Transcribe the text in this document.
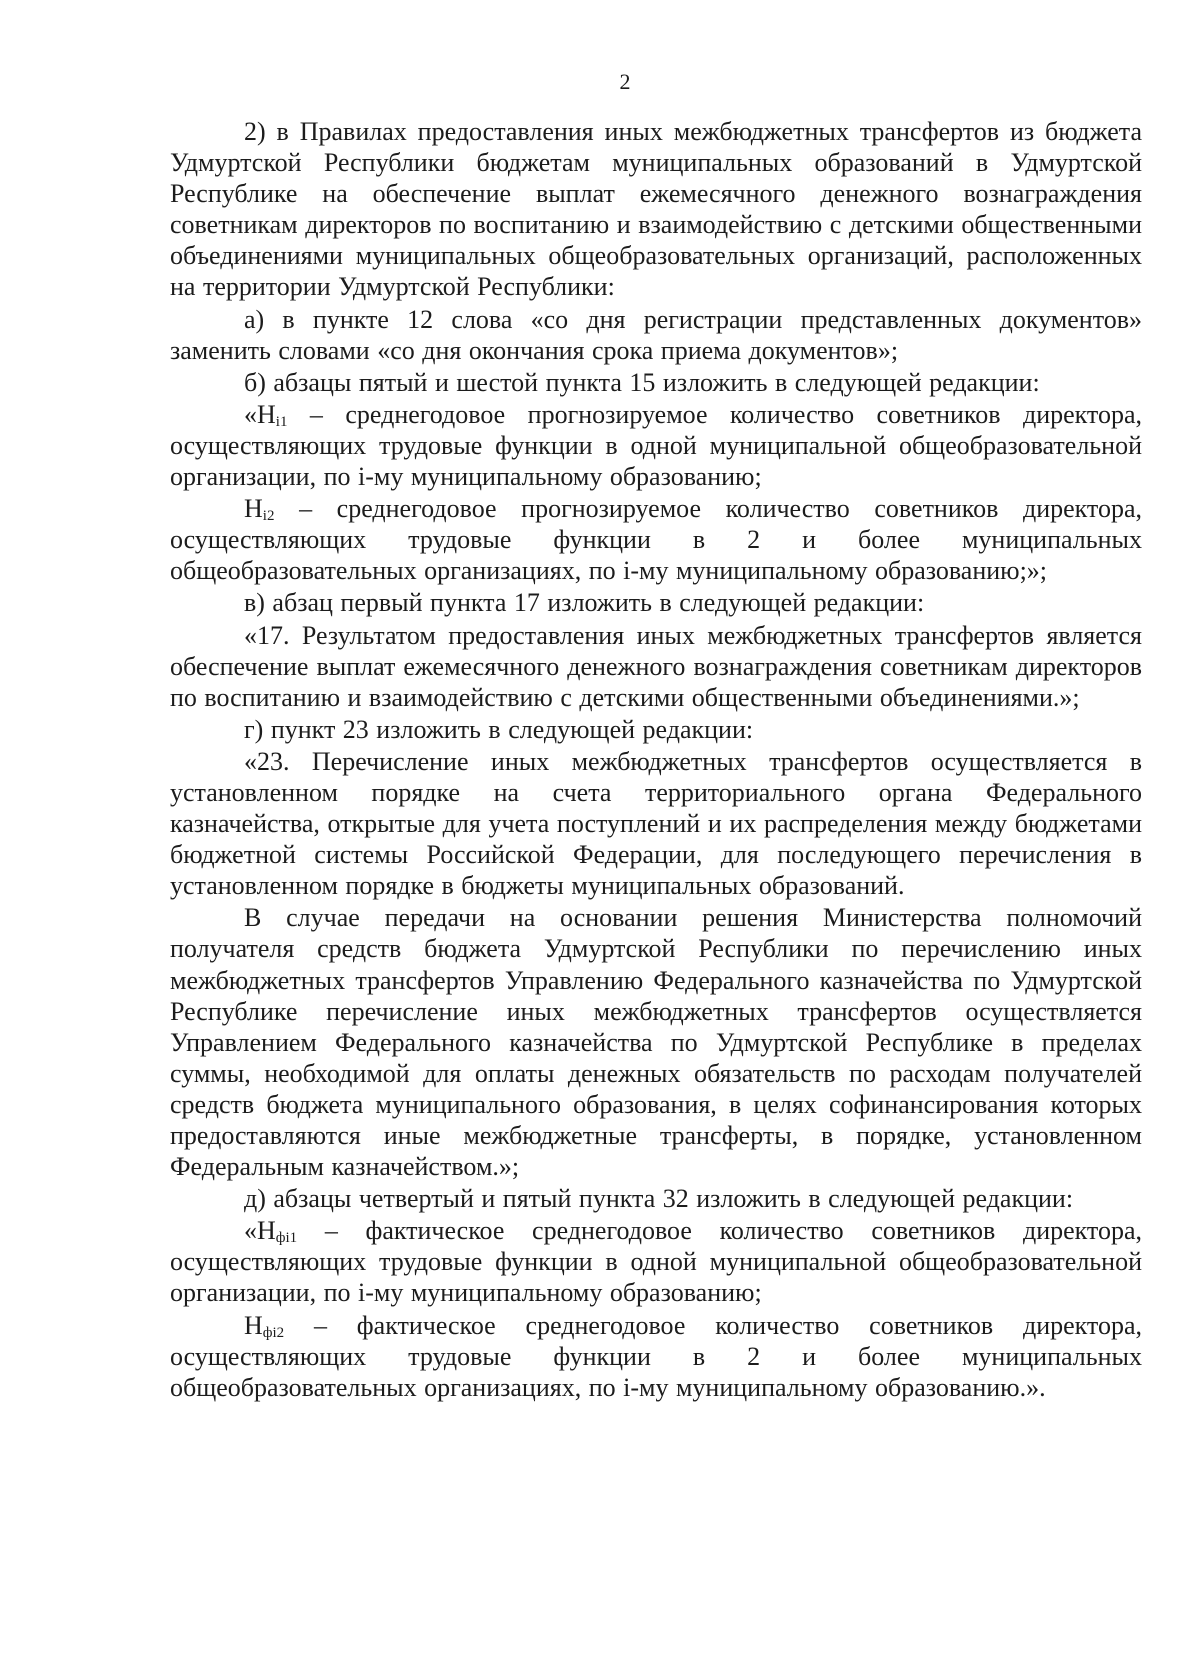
2

2) в Правилах предоставления иных межбюджетных трансфертов из бюджета Удмуртской Республики бюджетам муниципальных образований в Удмуртской Республике на обеспечение выплат ежемесячного денежного вознаграждения советникам директоров по воспитанию и взаимодействию с детскими общественными объединениями муниципальных общеобразовательных организаций, расположенных на территории Удмуртской Республики:

а) в пункте 12 слова «со дня регистрации представленных документов» заменить словами «со дня окончания срока приема документов»;

б) абзацы пятый и шестой пункта 15 изложить в следующей редакции:

«$Н_{i1}$ – среднегодовое прогнозируемое количество советников директора, осуществляющих трудовые функции в одной муниципальной общеобразовательной организации, по i-му муниципальному образованию;

$Н_{i2}$ – среднегодовое прогнозируемое количество советников директора, осуществляющих трудовые функции в 2 и более муниципальных общеобразовательных организациях, по i-му муниципальному образованию;»;

в) абзац первый пункта 17 изложить в следующей редакции:

«17. Результатом предоставления иных межбюджетных трансфертов является обеспечение выплат ежемесячного денежного вознаграждения советникам директоров по воспитанию и взаимодействию с детскими общественными объединениями.»;

г) пункт 23 изложить в следующей редакции:

«23. Перечисление иных межбюджетных трансфертов осуществляется в установленном порядке на счета территориального органа Федерального казначейства, открытые для учета поступлений и их распределения между бюджетами бюджетной системы Российской Федерации, для последующего перечисления в установленном порядке в бюджеты муниципальных образований.

В случае передачи на основании решения Министерства полномочий получателя средств бюджета Удмуртской Республики по перечислению иных межбюджетных трансфертов Управлению Федерального казначейства по Удмуртской Республике перечисление иных межбюджетных трансфертов осуществляется Управлением Федерального казначейства по Удмуртской Республике в пределах суммы, необходимой для оплаты денежных обязательств по расходам получателей средств бюджета муниципального образования, в целях софинансирования которых предоставляются иные межбюджетные трансферты, в порядке, установленном Федеральным казначейством.»;

д) абзацы четвертый и пятый пункта 32 изложить в следующей редакции:

«$Н_{фi1}$ – фактическое среднегодовое количество советников директора, осуществляющих трудовые функции в одной муниципальной общеобразовательной организации, по i-му муниципальному образованию;

$Н_{фi2}$ – фактическое среднегодовое количество советников директора, осуществляющих трудовые функции в 2 и более муниципальных общеобразовательных организациях, по i-му муниципальному образованию.».
